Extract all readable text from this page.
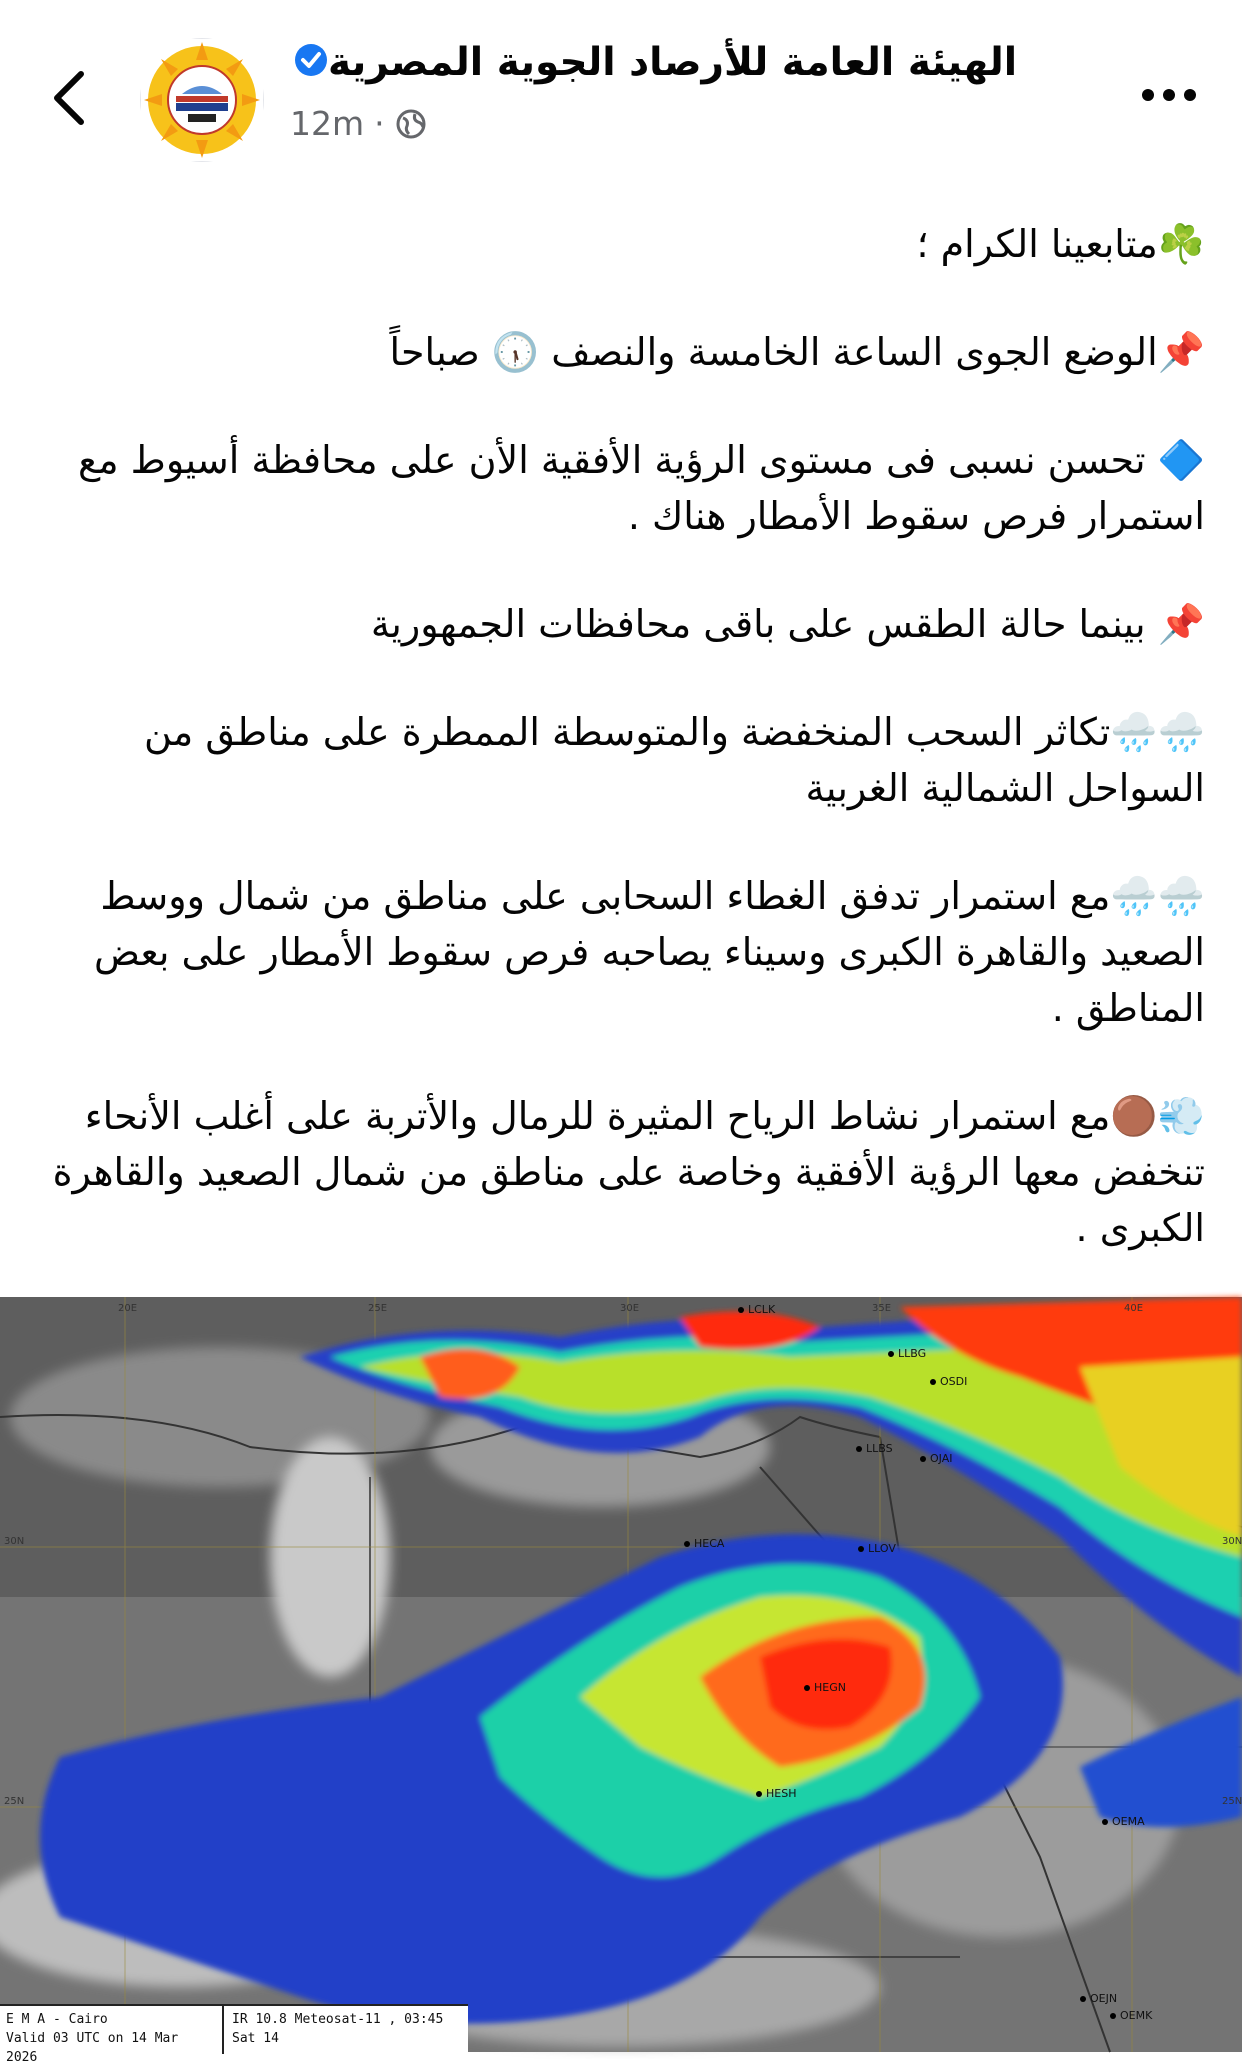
الهيئة العامة للأرصاد الجوية المصرية
12m ·

☘️متابعينا الكرام ؛

📌الوضع الجوى الساعة الخامسة والنصف 🕠 صباحاً

🔷 تحسن نسبى فى مستوى الرؤية الأفقية الأن على محافظة أسيوط مع استمرار فرص سقوط الأمطار هناك .

📌 بينما حالة الطقس على باقى محافظات الجمهورية

🌧️🌧️تكاثر السحب المنخفضة والمتوسطة الممطرة على مناطق من السواحل الشمالية الغربية

🌧️🌧️مع استمرار تدفق الغطاء السحابى على مناطق من شمال ووسط الصعيد والقاهرة الكبرى وسيناء يصاحبه فرص سقوط الأمطار على بعض المناطق .

💨🟤مع استمرار نشاط الرياح المثيرة للرمال والأتربة على أغلب الأنحاء تنخفض معها الرؤية الأفقية وخاصة على مناطق من شمال الصعيد والقاهرة الكبرى .

20E	25E	30E	35E	40E
30N	30N
25N	25N
LCLK
LLBG
OSDI
OJAI
LLBS
LLOV
HECA
HEGN
HESH
OEMA
OEJN
OEMK
E M A - Cairo
Valid 03 UTC on 14 Mar 2026
IR 10.8 Meteosat-11 , 03:45 Sat 14
